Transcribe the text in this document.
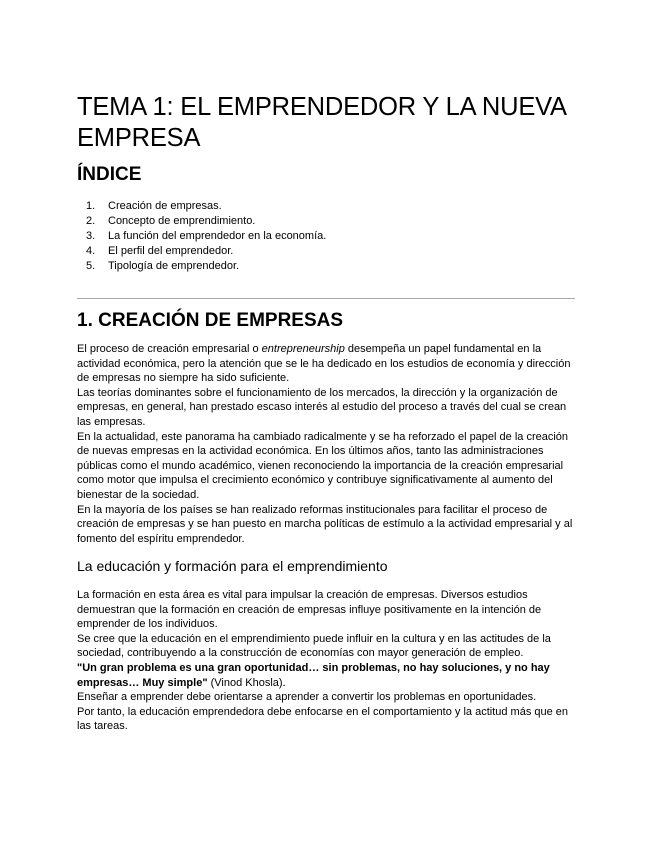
TEMA 1: EL EMPRENDEDOR Y LA NUEVA EMPRESA
ÍNDICE
1.	Creación de empresas.
2.	Concepto de emprendimiento.
3.	La función del emprendedor en la economía.
4.	El perfil del emprendedor.
5.	Tipología de emprendedor.
1. CREACIÓN DE EMPRESAS

El proceso de creación empresarial o entrepreneurship desempeña un papel fundamental en la actividad económica, pero la atención que se le ha dedicado en los estudios de economía y dirección de empresas no siempre ha sido suficiente.

Las teorías dominantes sobre el funcionamiento de los mercados, la dirección y la organización de empresas, en general, han prestado escaso interés al estudio del proceso a través del cual se crean las empresas.

En la actualidad, este panorama ha cambiado radicalmente y se ha reforzado el papel de la creación de nuevas empresas en la actividad económica. En los últimos años, tanto las administraciones públicas como el mundo académico, vienen reconociendo la importancia de la creación empresarial como motor que impulsa el crecimiento económico y contribuye significativamente al aumento del bienestar de la sociedad.

En la mayoría de los países se han realizado reformas institucionales para facilitar el proceso de creación de empresas y se han puesto en marcha políticas de estímulo a la actividad empresarial y al fomento del espíritu emprendedor.

La educación y formación para el emprendimiento

La formación en esta área es vital para impulsar la creación de empresas. Diversos estudios demuestran que la formación en creación de empresas influye positivamente en la intención de emprender de los individuos.

Se cree que la educación en el emprendimiento puede influir en la cultura y en las actitudes de la sociedad, contribuyendo a la construcción de economías con mayor generación de empleo.

"Un gran problema es una gran oportunidad… sin problemas, no hay soluciones, y no hay empresas… Muy simple" (Vinod Khosla).

Enseñar a emprender debe orientarse a aprender a convertir los problemas en oportunidades.

Por tanto, la educación emprendedora debe enfocarse en el comportamiento y la actitud más que en las tareas.
